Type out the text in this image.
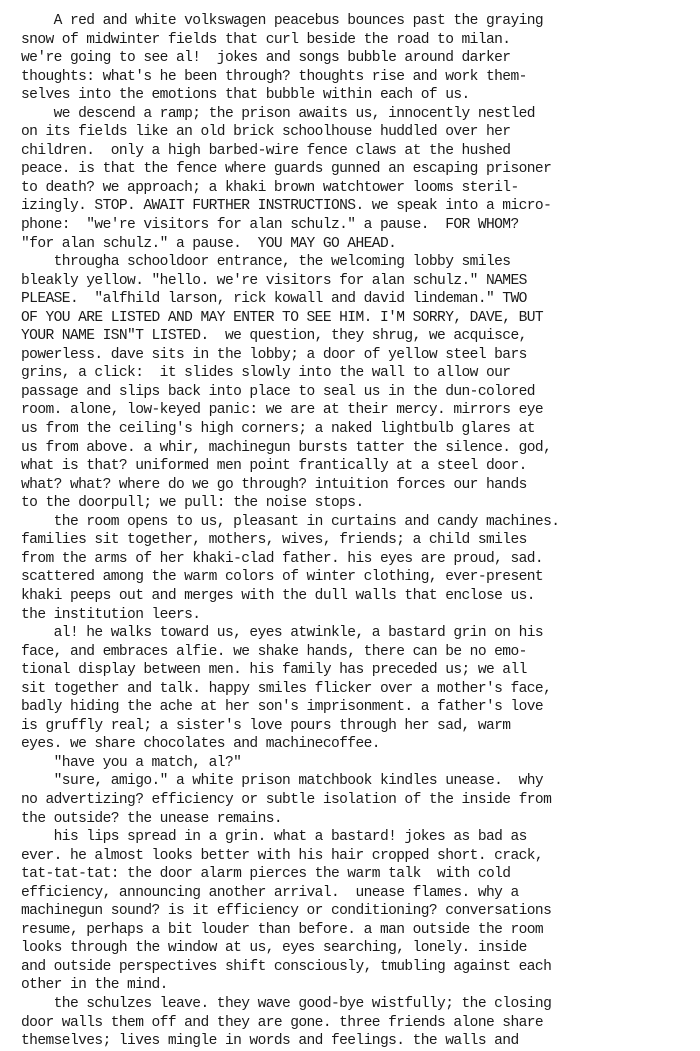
A red and white volkswagen peacebus bounces past the graying
snow of midwinter fields that curl beside the road to milan.
we're going to see al!  jokes and songs bubble around darker
thoughts: what's he been through? thoughts rise and work them-
selves into the emotions that bubble within each of us.
we descend a ramp; the prison awaits us, innocently nestled
on its fields like an old brick schoolhouse huddled over her
children.  only a high barbed-wire fence claws at the hushed
peace. is that the fence where guards gunned an escaping prisoner
to death? we approach; a khaki brown watchtower looms steril-
izingly. STOP. AWAIT FURTHER INSTRUCTIONS. we speak into a micro-
phone:  "we're visitors for alan schulz." a pause.  FOR WHOM?
"for alan schulz." a pause.  YOU MAY GO AHEAD.
througha schooldoor entrance, the welcoming lobby smiles
bleakly yellow. "hello. we're visitors for alan schulz." NAMES
PLEASE.  "alfhild larson, rick kowall and david lindeman." TWO
OF YOU ARE LISTED AND MAY ENTER TO SEE HIM. I'M SORRY, DAVE, BUT
YOUR NAME ISN"T LISTED.  we question, they shrug, we acquisce,
powerless. dave sits in the lobby; a door of yellow steel bars
grins, a click:  it slides slowly into the wall to allow our
passage and slips back into place to seal us in the dun-colored
room. alone, low-keyed panic: we are at their mercy. mirrors eye
us from the ceiling's high corners; a naked lightbulb glares at
us from above. a whir, machinegun bursts tatter the silence. god,
what is that? uniformed men point frantically at a steel door.
what? what? where do we go through? intuition forces our hands
to the doorpull; we pull: the noise stops.
the room opens to us, pleasant in curtains and candy machines.
families sit together, mothers, wives, friends; a child smiles
from the arms of her khaki-clad father. his eyes are proud, sad.
scattered among the warm colors of winter clothing, ever-present
khaki peeps out and merges with the dull walls that enclose us.
the institution leers.
al! he walks toward us, eyes atwinkle, a bastard grin on his
face, and embraces alfie. we shake hands, there can be no emo-
tional display between men. his family has preceded us; we all
sit together and talk. happy smiles flicker over a mother's face,
badly hiding the ache at her son's imprisonment. a father's love
is gruffly real; a sister's love pours through her sad, warm
eyes. we share chocolates and machinecoffee.
"have you a match, al?"
"sure, amigo." a white prison matchbook kindles unease.  why
no advertizing? efficiency or subtle isolation of the inside from
the outside? the unease remains.
his lips spread in a grin. what a bastard! jokes as bad as
ever. he almost looks better with his hair cropped short. crack,
tat-tat-tat: the door alarm pierces the warm talk  with cold
efficiency, announcing another arrival.  unease flames. why a
machinegun sound? is it efficiency or conditioning? conversations
resume, perhaps a bit louder than before. a man outside the room
looks through the window at us, eyes searching, lonely. inside
and outside perspectives shift consciously, tmubling against each
other in the mind.
the schulzes leave. they wave good-bye wistfully; the closing
door walls them off and they are gone. three friends alone share
themselves; lives mingle in words and feelings. the walls and
